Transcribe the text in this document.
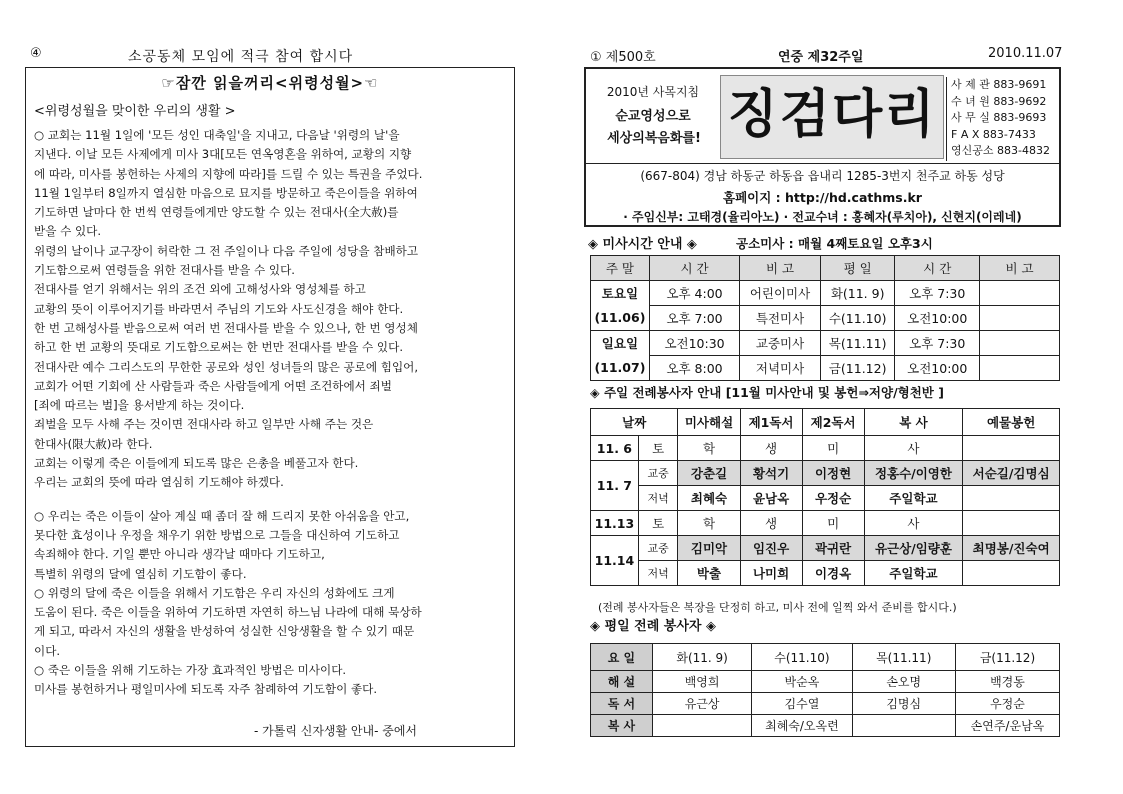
④	소공동체 모임에 적극 참여 합시다
☞잠깐 읽을꺼리<위령성월>☜
<위령성월을 맞이한 우리의 생활 >

○ 교회는 11월 1일에 '모든 성인 대축일'을 지내고, 다음날 '위령의 날'을

지낸다. 이날 모든 사제에게 미사 3대[모든 연옥영혼을 위하여, 교황의 지향

에 따라, 미사를 봉헌하는 사제의 지향에 따라]를 드릴 수 있는 특권을 주었다.

11월 1일부터 8일까지 열심한 마음으로 묘지를 방문하고 죽은이들을 위하여

기도하면 날마다 한 번씩 연령들에게만 양도할 수 있는 전대사(全大赦)를

받을 수 있다.

위령의 날이나 교구장이 허락한 그 전 주일이나 다음 주일에 성당을 참배하고

기도함으로써 연령들을 위한 전대사를 받을 수 있다.

전대사를 얻기 위해서는 위의 조건 외에 고해성사와 영성체를 하고

교황의 뜻이 이루어지기를 바라면서 주님의 기도와 사도신경을 해야 한다.

한 번 고해성사를 받음으로써 여러 번 전대사를 받을 수 있으나, 한 번 영성체

하고 한 번 교황의 뜻대로 기도함으로써는 한 번만 전대사를 받을 수 있다.

전대사란 예수 그리스도의 무한한 공로와 성인 성녀들의 많은 공로에 힘입어,

교회가 어떤 기회에 산 사람들과 죽은 사람들에게 어떤 조건하에서 죄벌

[죄에 따르는 벌]을 용서받게 하는 것이다.

죄벌을 모두 사해 주는 것이면 전대사라 하고 일부만 사해 주는 것은

한대사(限大赦)라 한다.

교회는 이렇게 죽은 이들에게 되도록 많은 은총을 베풀고자 한다.

우리는 교회의 뜻에 따라 열심히 기도해야 하겠다.

○ 우리는 죽은 이들이 살아 계실 때 좀더 잘 해 드리지 못한 아쉬움을 안고,

못다한 효성이나 우정을 채우기 위한 방법으로 그들을 대신하여 기도하고

속죄해야 한다. 기일 뿐만 아니라 생각날 때마다 기도하고,

특별히 위령의 달에 열심히 기도함이 좋다.

○ 위령의 달에 죽은 이들을 위해서 기도함은 우리 자신의 성화에도 크게

도움이 된다. 죽은 이들을 위하여 기도하면 자연히 하느님 나라에 대해 묵상하

게 되고, 따라서 자신의 생활을 반성하여 성실한 신앙생활을 할 수 있기 때문

이다.

○ 죽은 이들을 위해 기도하는 가장 효과적인 방법은 미사이다.

미사를 봉헌하거나 평일미사에 되도록 자주 참례하여 기도함이 좋다.

- 가톨릭 신자생활 안내- 중에서
① 제500호	연중 제32주일	2010.11.07
2010년 사목지침
순교영성으로
세상의복음화를! 징검다리	사 제 관 883-9691
수 녀 원 883-9692
사 무 실 883-9693
F A X 883-7433
영신공소 883-4832
(667-804) 경남 하동군 하동읍 읍내리 1285-3번지 천주교 하동 성당
홈페이지 : http://hd.cathms.kr
· 주임신부: 고태경(율리아노) · 전교수녀 : 홍혜자(루치아), 신현지(이레네)
◈ 미사시간 안내 ◈	공소미사 : 매월 4째토요일 오후3시
주 말	시 간	비 고	평 일	시 간	비 고
토요일	오후 4:00	어린이미사	화(11. 9)	오후 7:30	
(11.06)	오후 7:00	특전미사	수(11.10)	오전10:00	
일요일	오전10:30	교중미사	목(11.11)	오후 7:30	
(11.07)	오후 8:00	저녁미사	금(11.12)	오전10:00	
◈ 주일 전례봉사자 안내 [11월 미사안내 및 봉헌⇒저양/형천반 ]
날짜		미사해설	제1독서	제2독서	복 사	예물봉헌
11. 6	토	학	생	미	사	
11. 7	교중	강춘길	황석기	이정현	정홍수/이영한	서순길/김명심
	저녁	최혜숙	윤남옥	우정순	주일학교	
11.13	토	학	생	미	사	
11.14	교중	김미악	임진우	곽귀란	유근상/임량훈	최명봉/진숙여
	저녁	박출	나미희	이경옥	주일학교	
(전례 봉사자들은 복장을 단정히 하고, 미사 전에 일찍 와서 준비를 합시다.)
◈ 평일 전례 봉사자 ◈
요 일	화(11. 9)	수(11.10)	목(11.11)	금(11.12)
해 설	백영희	박순옥	손오명	백경동
독 서	유근상	김수열	김명심	우정순
복 사		최혜숙/오옥련		손연주/운남옥
